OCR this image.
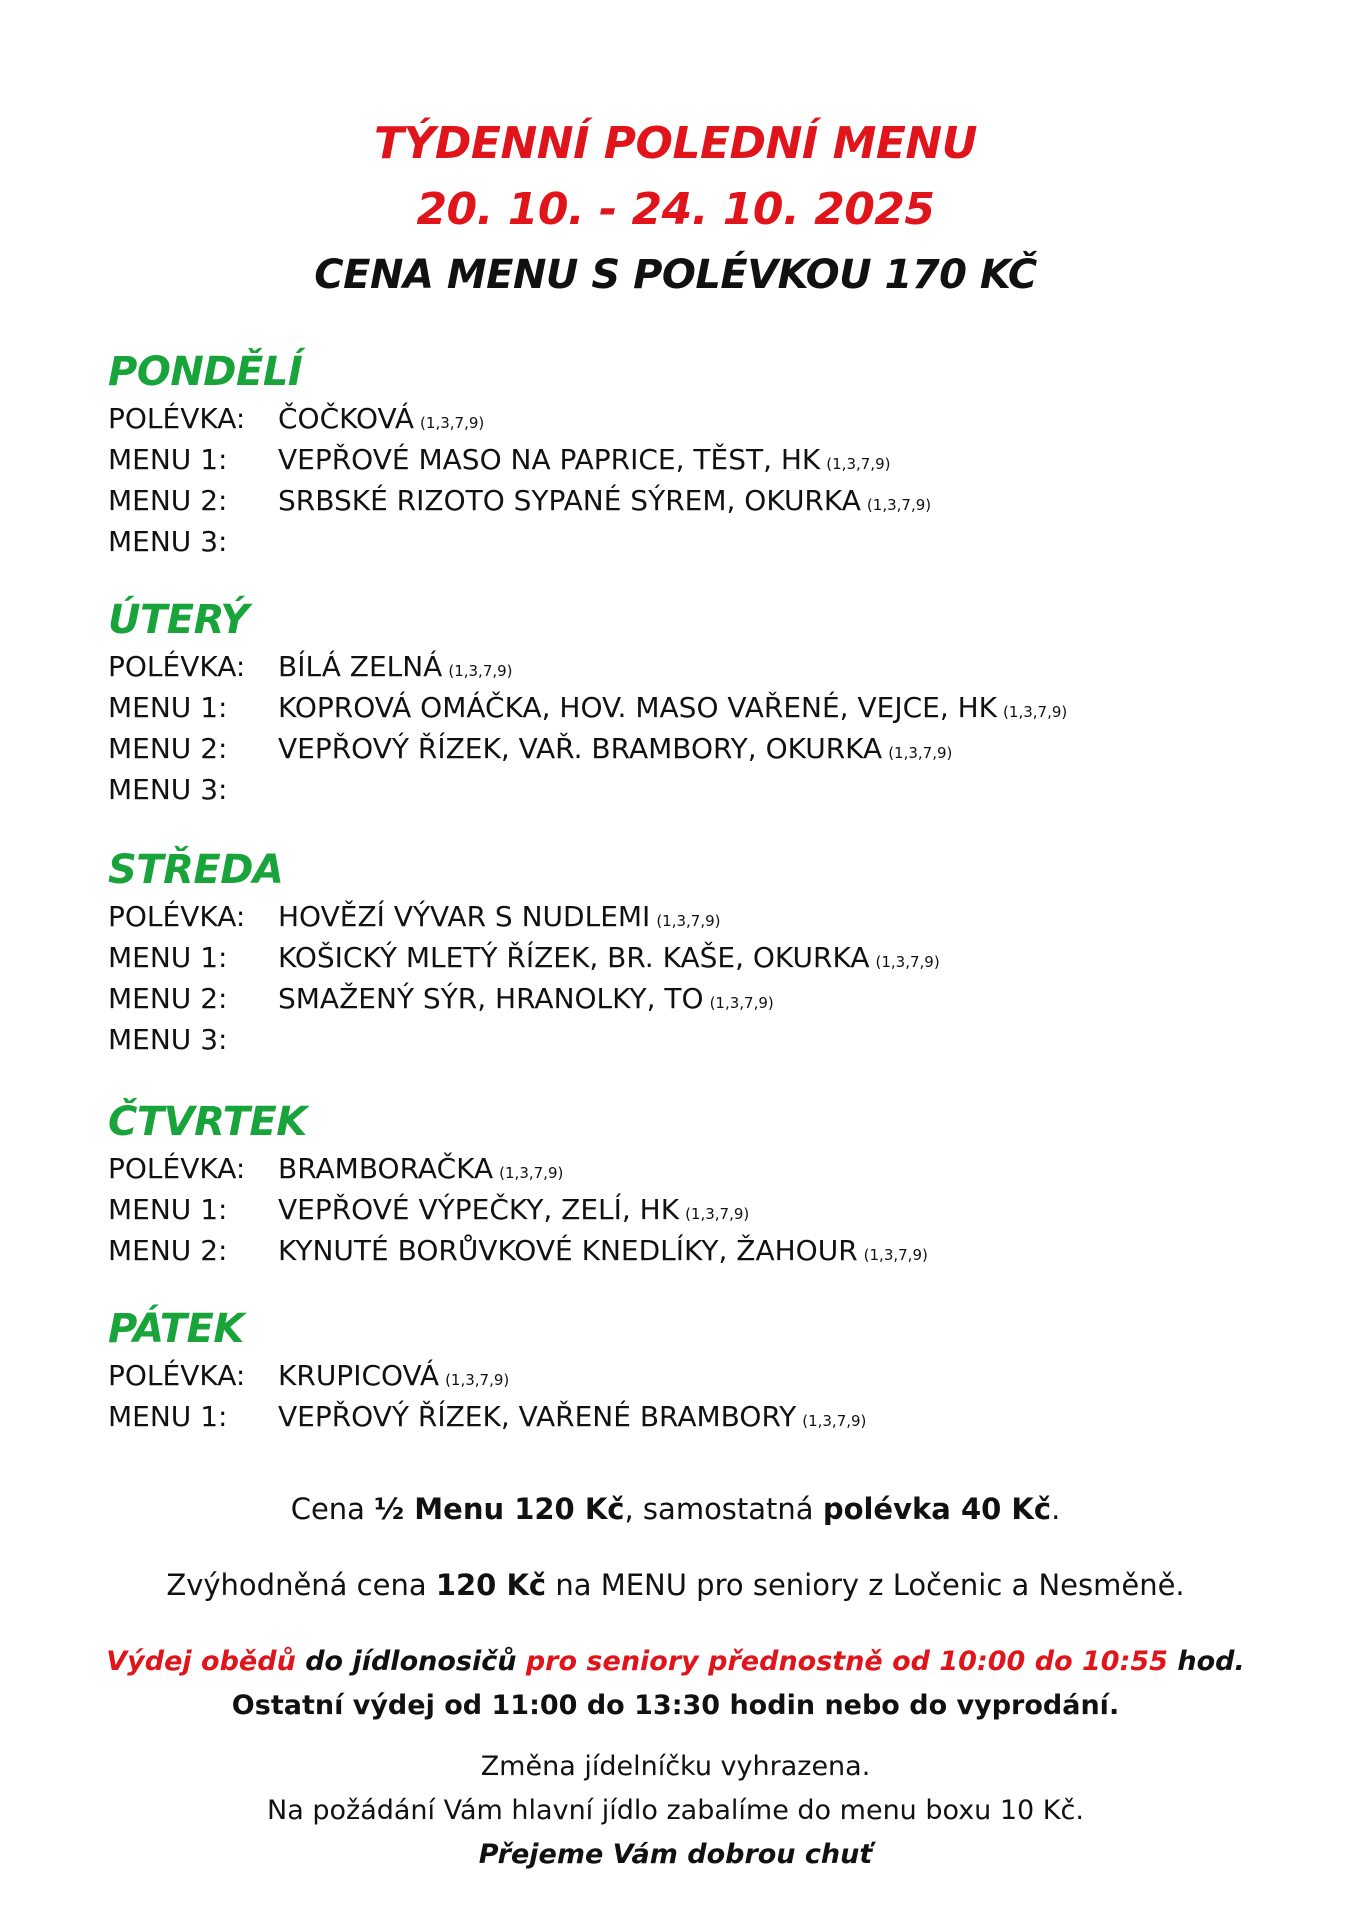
TÝDENNÍ POLEDNÍ MENU
20. 10. - 24. 10. 2025
CENA MENU S POLÉVKOU 170 KČ
PONDĚLÍ
POLÉVKA: ČOČKOVÁ (1,3,7,9)
MENU 1: VEPŘOVÉ MASO NA PAPRICE, TĚST, HK (1,3,7,9)
MENU 2: SRBSKÉ RIZOTO SYPANÉ SÝREM, OKURKA (1,3,7,9)
MENU 3:
ÚTERÝ
POLÉVKA: BÍLÁ ZELNÁ (1,3,7,9)
MENU 1: KOPROVÁ OMÁČKA, HOV. MASO VAŘENÉ, VEJCE, HK (1,3,7,9)
MENU 2: VEPŘOVÝ ŘÍZEK, VAŘ. BRAMBORY, OKURKA (1,3,7,9)
MENU 3:
STŘEDA
POLÉVKA: HOVĚZÍ VÝVAR S NUDLEMI (1,3,7,9)
MENU 1: KOŠICKÝ MLETÝ ŘÍZEK, BR. KAŠE, OKURKA (1,3,7,9)
MENU 2: SMAŽENÝ SÝR, HRANOLKY, TO (1,3,7,9)
MENU 3:
ČTVRTEK
POLÉVKA: BRAMBORAČKA (1,3,7,9)
MENU 1: VEPŘOVÉ VÝPEČKY, ZELÍ, HK (1,3,7,9)
MENU 2: KYNUTÉ BORŮVKOVÉ KNEDLÍKY, ŽAHOUR (1,3,7,9)
PÁTEK
POLÉVKA: KRUPICOVÁ (1,3,7,9)
MENU 1: VEPŘOVÝ ŘÍZEK, VAŘENÉ BRAMBORY (1,3,7,9)
Cena ½ Menu 120 Kč, samostatná polévka 40 Kč.
Zvýhodněná cena 120 Kč na MENU pro seniory z Ločenic a Nesměně.
Výdej obědů do jídlonosičů pro seniory přednostně od 10:00 do 10:55 hod.
Ostatní výdej od 11:00 do 13:30 hodin nebo do vyprodání.
Změna jídelníčku vyhrazena.
Na požádání Vám hlavní jídlo zabalíme do menu boxu 10 Kč.
Přejeme Vám dobrou chuť
